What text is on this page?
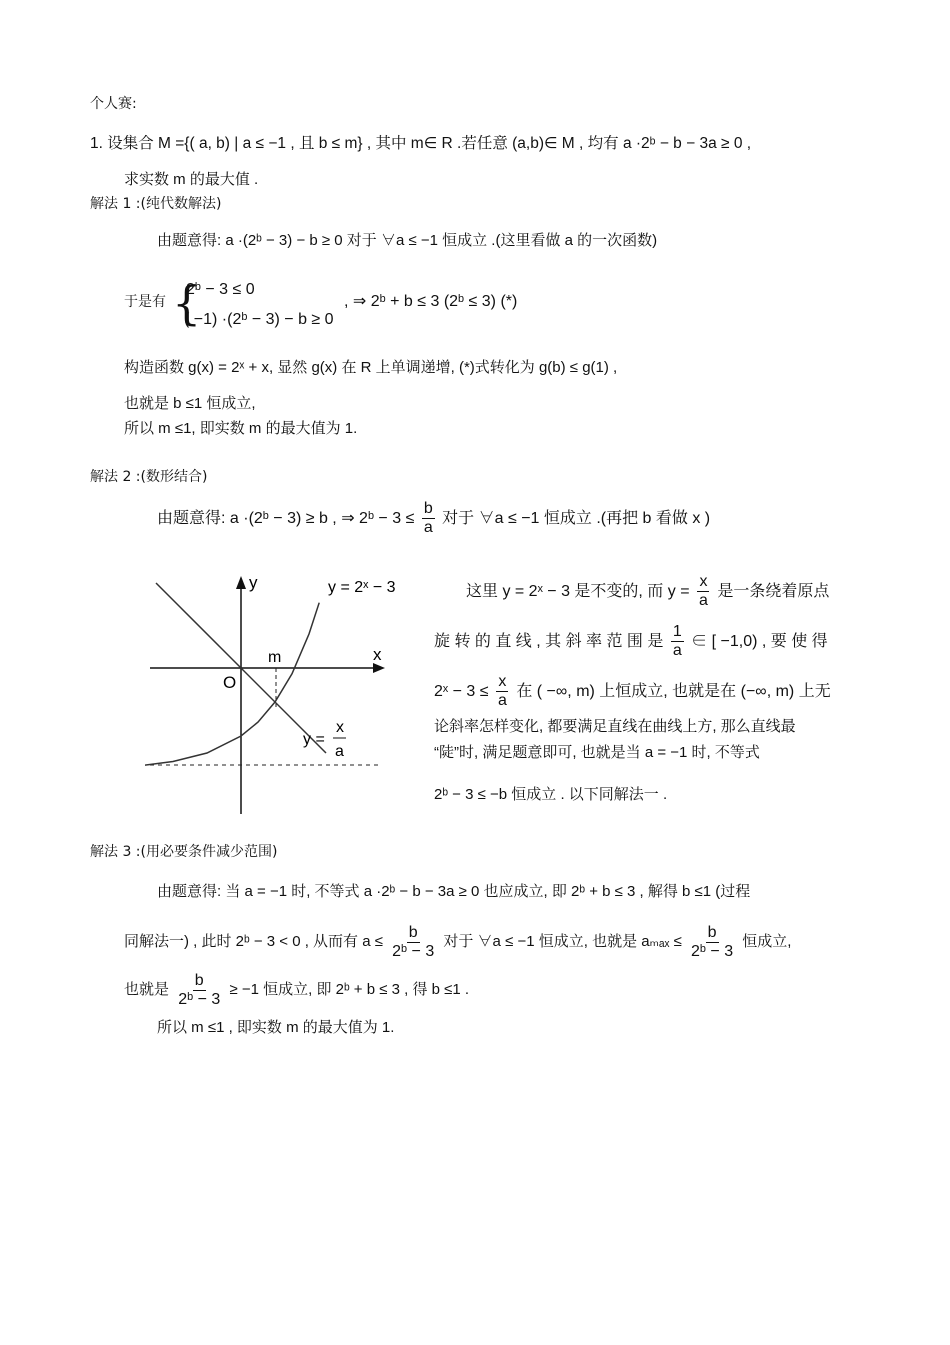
个人赛:
1. 设集合 M ={( a, b) | a ≤ −1 , 且 b ≤ m} , 其中 m∈ R .若任意 (a,b)∈ M , 均有 a ·2ᵇ − b − 3a ≥ 0 ,
求实数 m 的最大值 .
解法 1 :(纯代数解法)
由题意得: a ·(2ᵇ − 3) − b ≥ 0 对于 ∀a ≤ −1 恒成立 .(这里看做 a 的一次函数)
于是有 {
2ᵇ − 3 ≤ 0
( −1) ·(2ᵇ − 3) − b ≥ 0
, ⇒ 2ᵇ + b ≤ 3 (2ᵇ ≤ 3) (*)
构造函数 g(x) = 2ˣ + x, 显然 g(x) 在 R 上单调递增, (*)式转化为 g(b) ≤ g(1) ,
也就是 b ≤1 恒成立,
所以 m ≤1, 即实数 m 的最大值为 1.
解法 2 :(数形结合)
由题意得: a ·(2ᵇ − 3) ≥ b , ⇒ 2ᵇ − $3 \le \frac{b}{a}$ 对于 ∀a ≤ −1 恒成立 .(再把 b 看做 x )
y
x
O
m
y = 2ˣ − 3
y =
x
a
这里 y = 2ˣ − 3 是不变的, 而 $y = \frac{x}{a}$ 是一条绕着原点
旋 转 的 直 线 , 其 斜 率 范 围 是 $\frac{1}{a}$ ∈ [ −1,0) , 要 使 得
2ˣ − $3 \le \frac{x}{a}$ 在 ( −∞, m) 上恒成立, 也就是在 (−∞, m) 上无
论斜率怎样变化, 都要满足直线在曲线上方, 那么直线最
“陡”时, 满足题意即可, 也就是当 a = −1 时, 不等式
2ᵇ − 3 ≤ −b 恒成立 . 以下同解法一 .
解法 3 :(用必要条件减少范围)
由题意得: 当 a = −1 时, 不等式 a ·2ᵇ − b − 3a ≥ 0 也应成立, 即 2ᵇ + b ≤ 3 , 解得 b ≤1 (过程
同解法一) , 此时 2ᵇ − 3 < 0 , 从而有 $a \le \frac{b}{\text{2ᵇ − 3}}$ 对于 ∀a ≤ −1 恒成立, 也就是 $a_{max} \le \frac{b}{\text{2ᵇ − 3}}$ 恒成立,
也就是 $\frac{b}{\text{2ᵇ − 3}} \ge -1$ 恒成立, 即 2ᵇ + b ≤ 3 , 得 b ≤1 .
所以 m ≤1 , 即实数 m 的最大值为 1.
